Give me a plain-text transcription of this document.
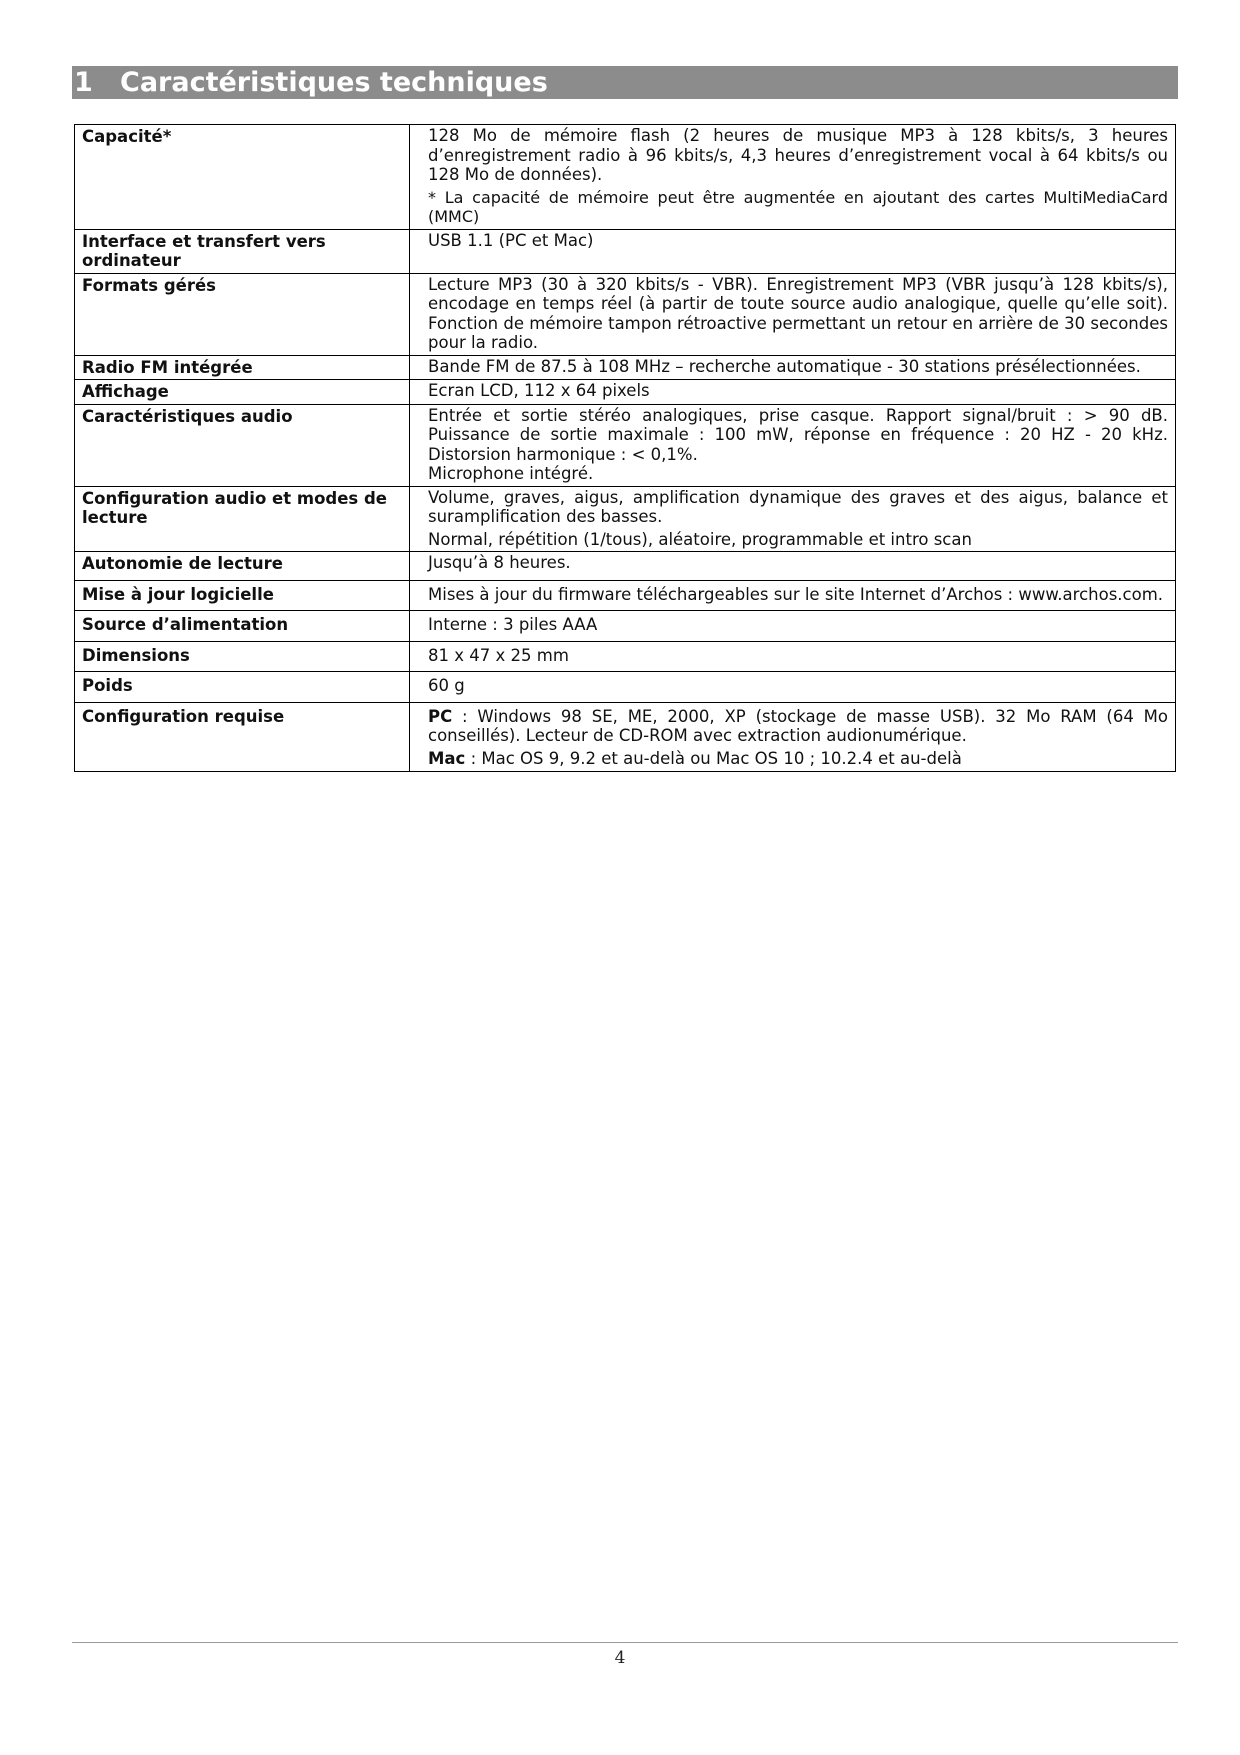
1 Caractéristiques techniques
Capacité*	128 Mo de mémoire flash (2 heures de musique MP3 à 128 kbits/s, 3 heures d’enregistrement radio à 96 kbits/s, 4,3 heures d’enregistrement vocal à 64 kbits/s ou 128 Mo de données).
* La capacité de mémoire peut être augmentée en ajoutant des cartes MultiMediaCard (MMC)

Interface et transfert vers ordinateur	USB 1.1 (PC et Mac)
Formats gérés	Lecture MP3 (30 à 320 kbits/s - VBR). Enregistrement MP3 (VBR jusqu’à 128 kbits/s), encodage en temps réel (à partir de toute source audio analogique, quelle qu’elle soit). Fonction de mémoire tampon rétroactive permettant un retour en arrière de 30 secondes pour la radio.
Radio FM intégrée	Bande FM de 87.5 à 108 MHz – recherche automatique - 30 stations présélectionnées.
Affichage	Ecran LCD, 112 x 64 pixels
Caractéristiques audio	Entrée et sortie stéréo analogiques, prise casque. Rapport signal/bruit : > 90 dB. Puissance de sortie maximale : 100 mW, réponse en fréquence : 20 HZ - 20 kHz. Distorsion harmonique : < 0,1%.
Microphone intégré.

Configuration audio et modes de lecture	Volume, graves, aigus, amplification dynamique des graves et des aigus, balance et suramplification des basses.
Normal, répétition (1/tous), aléatoire, programmable et intro scan

Autonomie de lecture	Jusqu’à 8 heures.
Mise à jour logicielle	Mises à jour du firmware téléchargeables sur le site Internet d’Archos : www.archos.com.
Source d’alimentation	Interne : 3 piles AAA
Dimensions	81 x 47 x 25 mm
Poids	60 g
Configuration requise	PC : Windows 98 SE, ME, 2000, XP (stockage de masse USB). 32 Mo RAM (64 Mo conseillés). Lecteur de CD-ROM avec extraction audionumérique.
Mac : Mac OS 9, 9.2 et au-delà ou Mac OS 10 ; 10.2.4 et au-delà
4
